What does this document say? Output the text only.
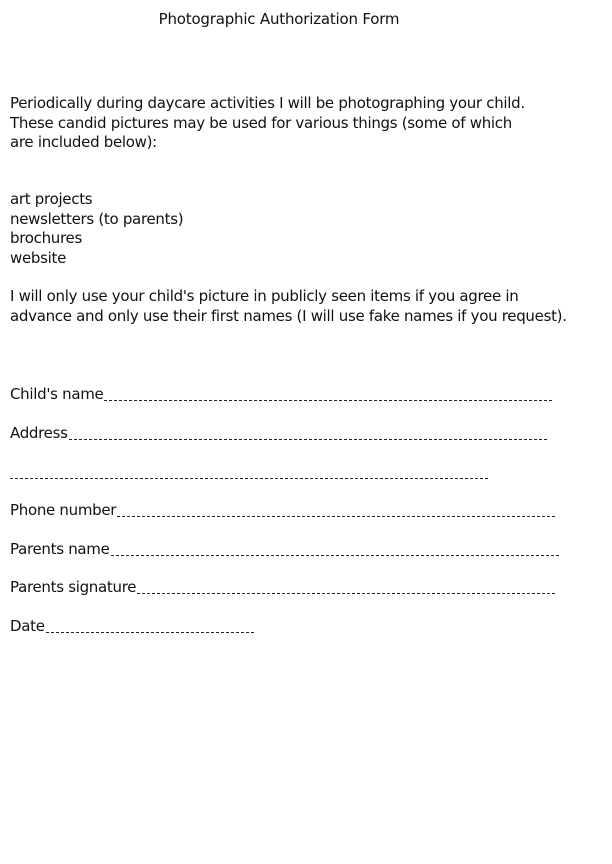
Photographic Authorization Form
Periodically during daycare activities I will be photographing your child.
These candid pictures may be used for various things (some of which
are included below):
art projects
newsletters (to parents)
brochures
website
I will only use your child's picture in publicly seen items if you agree in
advance and only use their first names (I will use fake names if you request).
Child's name
Address
Phone number
Parents name
Parents signature
Date
